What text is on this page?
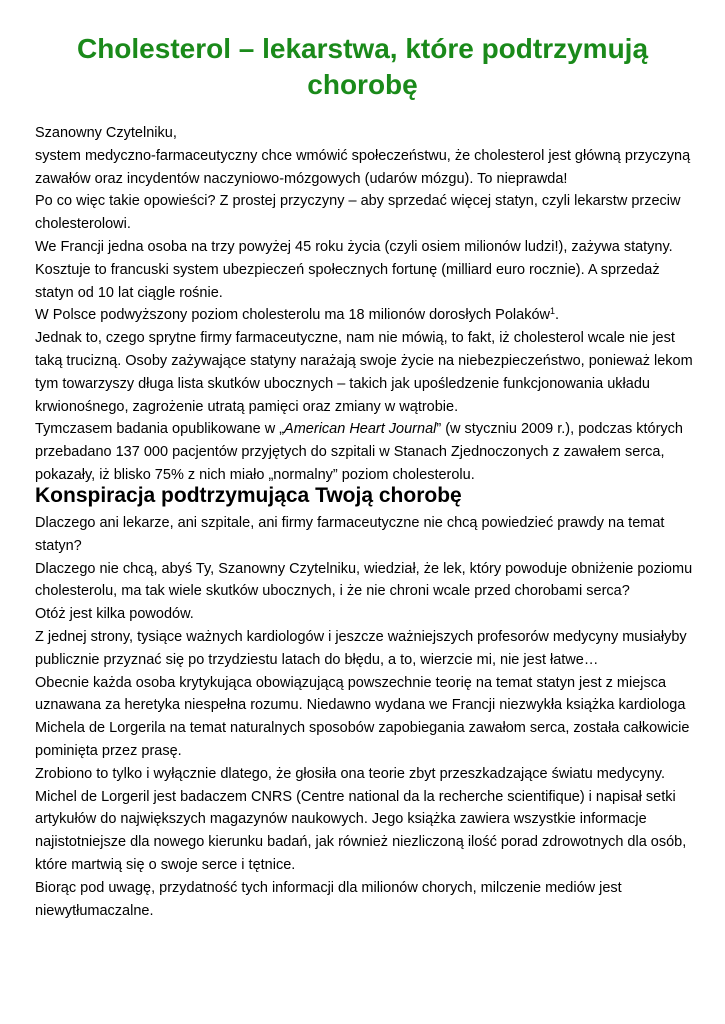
Cholesterol – lekarstwa, które podtrzymują chorobę

Szanowny Czytelniku,

system medyczno-farmaceutyczny chce wmówić społeczeństwu, że cholesterol jest główną przyczyną zawałów oraz incydentów naczyniowo-mózgowych (udarów mózgu). To nieprawda!

Po co więc takie opowieści? Z prostej przyczyny – aby sprzedać więcej statyn, czyli lekarstw przeciw cholesterolowi.

We Francji jedna osoba na trzy powyżej 45 roku życia (czyli osiem milionów ludzi!), zażywa statyny. Kosztuje to francuski system ubezpieczeń społecznych fortunę (milliard euro rocznie). A sprzedaż statyn od 10 lat ciągle rośnie.

W Polsce podwyższony poziom cholesterolu ma 18 milionów dorosłych Polaków$^1$.

Jednak to, czego sprytne firmy farmaceutyczne, nam nie mówią, to fakt, iż cholesterol wcale nie jest taką trucizną. Osoby zażywające statyny narażają swoje życie na niebezpieczeństwo, ponieważ lekom tym towarzyszy długa lista skutków ubocznych – takich jak upośledzenie funkcjonowania układu krwionośnego, zagrożenie utratą pamięci oraz zmiany w wątrobie.

Tymczasem badania opublikowane w „American Heart Journal” (w styczniu 2009 r.), podczas których przebadano 137 000 pacjentów przyjętych do szpitali w Stanach Zjednoczonych z zawałem serca, pokazały, iż blisko 75% z nich miało „normalny” poziom cholesterolu.

Konspiracja podtrzymująca Twoją chorobę

Dlaczego ani lekarze, ani szpitale, ani firmy farmaceutyczne nie chcą powiedzieć prawdy na temat statyn?

Dlaczego nie chcą, abyś Ty, Szanowny Czytelniku, wiedział, że lek, który powoduje obniżenie poziomu cholesterolu, ma tak wiele skutków ubocznych, i że nie chroni wcale przed chorobami serca?

Otóż jest kilka powodów.

Z jednej strony, tysiące ważnych kardiologów i jeszcze ważniejszych profesorów medycyny musiałyby publicznie przyznać się po trzydziestu latach do błędu, a to, wierzcie mi, nie jest łatwe…

Obecnie każda osoba krytykująca obowiązującą powszechnie teorię na temat statyn jest z miejsca uznawana za heretyka niespełna rozumu. Niedawno wydana we Francji niezwykła książka kardiologa Michela de Lorgerila na temat naturalnych sposobów zapobiegania zawałom serca, została całkowicie pominięta przez prasę.

Zrobiono to tylko i wyłącznie dlatego, że głosiła ona teorie zbyt przeszkadzające światu medycyny. Michel de Lorgeril jest badaczem CNRS (Centre national da la recherche scientifique) i napisał setki artykułów do największych magazynów naukowych. Jego książka zawiera wszystkie informacje najistotniejsze dla nowego kierunku badań, jak również niezliczoną ilość porad zdrowotnych dla osób, które martwią się o swoje serce i tętnice.

Biorąc pod uwagę, przydatność tych informacji dla milionów chorych, milczenie mediów jest niewytłumaczalne.
